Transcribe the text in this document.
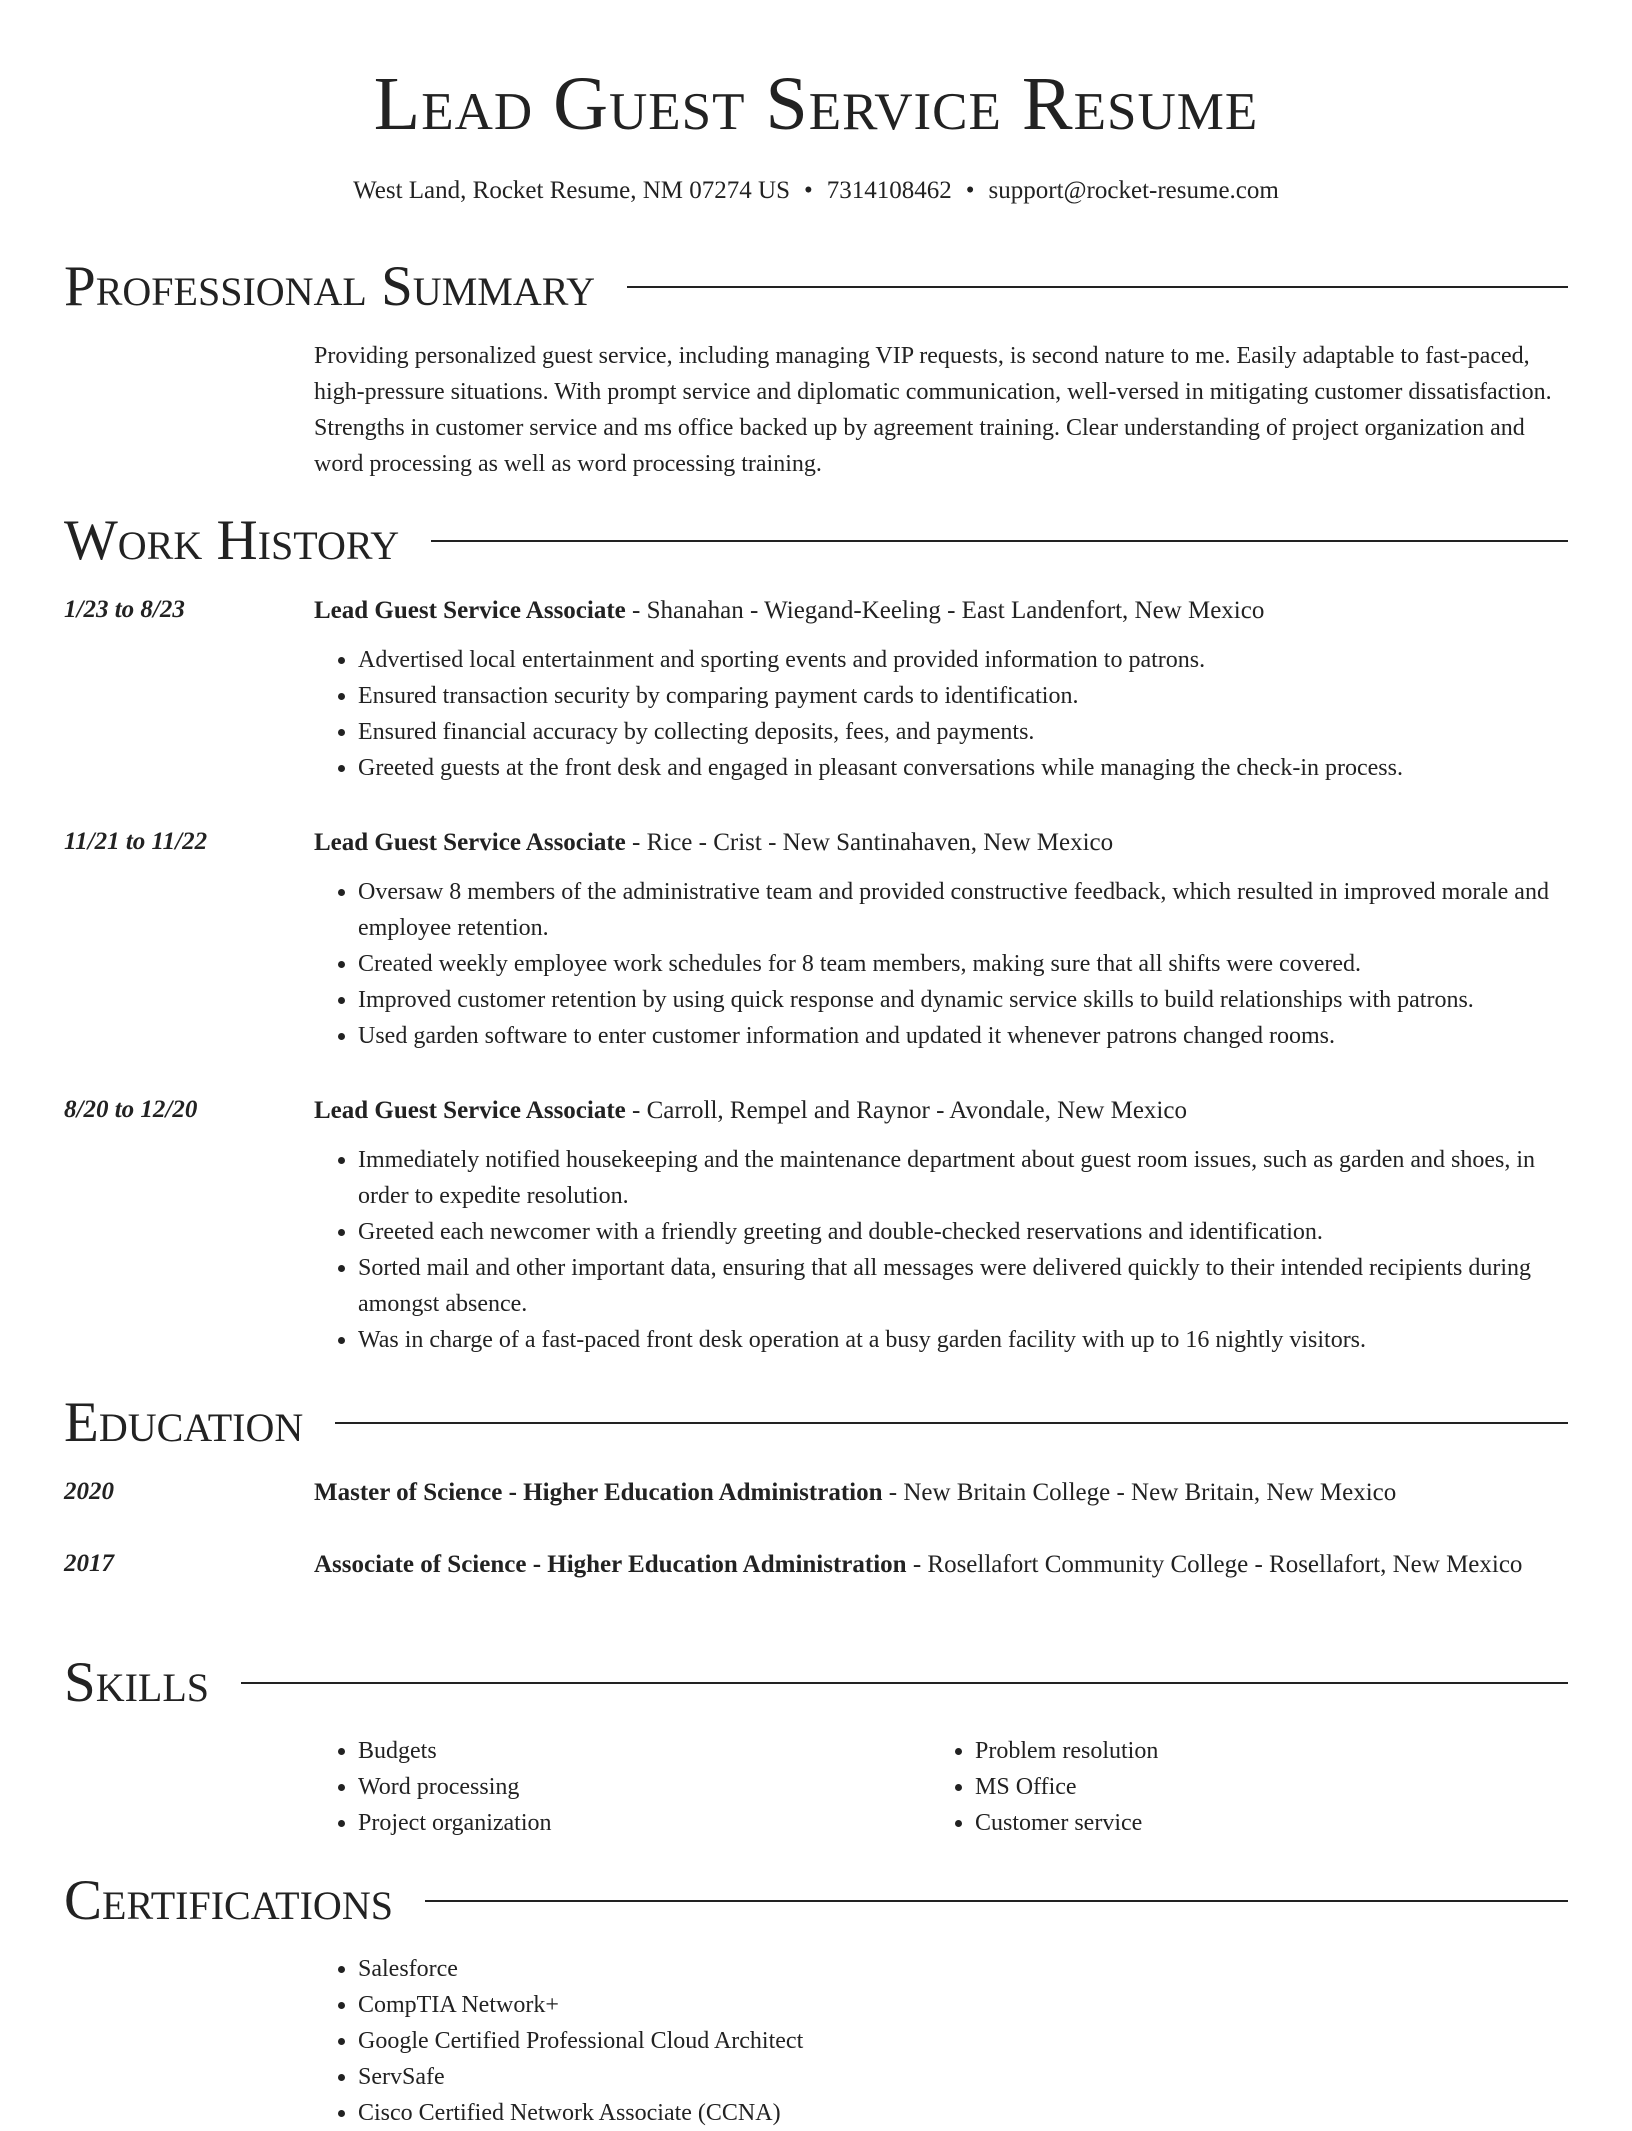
Lead Guest Service Resume
West Land, Rocket Resume, NM 07274 US • 7314108462 • support@rocket-resume.com
Professional Summary

Providing personalized guest service, including managing VIP requests, is second nature to me. Easily adaptable to fast-paced, high-pressure situations. With prompt service and diplomatic communication, well-versed in mitigating customer dissatisfaction. Strengths in customer service and ms office backed up by agreement training. Clear understanding of project organization and word processing as well as word processing training.

Work History
1/23 to 8/23	Lead Guest Service Associate - Shanahan - Wiegand-Keeling - East Landenfort, New Mexico

• Advertised local entertainment and sporting events and provided information to patrons.
• Ensured transaction security by comparing payment cards to identification.
• Ensured financial accuracy by collecting deposits, fees, and payments.
• Greeted guests at the front desk and engaged in pleasant conversations while managing the check-in process.
11/21 to 11/22	Lead Guest Service Associate - Rice - Crist - New Santinahaven, New Mexico

• Oversaw 8 members of the administrative team and provided constructive feedback, which resulted in improved morale and employee retention.
• Created weekly employee work schedules for 8 team members, making sure that all shifts were covered.
• Improved customer retention by using quick response and dynamic service skills to build relationships with patrons.
• Used garden software to enter customer information and updated it whenever patrons changed rooms.
8/20 to 12/20	Lead Guest Service Associate - Carroll, Rempel and Raynor - Avondale, New Mexico

• Immediately notified housekeeping and the maintenance department about guest room issues, such as garden and shoes, in order to expedite resolution.
• Greeted each newcomer with a friendly greeting and double-checked reservations and identification.
• Sorted mail and other important data, ensuring that all messages were delivered quickly to their intended recipients during amongst absence.
• Was in charge of a fast-paced front desk operation at a busy garden facility with up to 16 nightly visitors.
Education
2020	Master of Science - Higher Education Administration - New Britain College - New Britain, New Mexico

2017	Associate of Science - Higher Education Administration - Rosellafort Community College - Rosellafort, New Mexico

Skills
• Budgets
• Word processing
• Project organization
• Problem resolution
• MS Office
• Customer service
Certifications
• Salesforce
• CompTIA Network+
• Google Certified Professional Cloud Architect
• ServSafe
• Cisco Certified Network Associate (CCNA)
